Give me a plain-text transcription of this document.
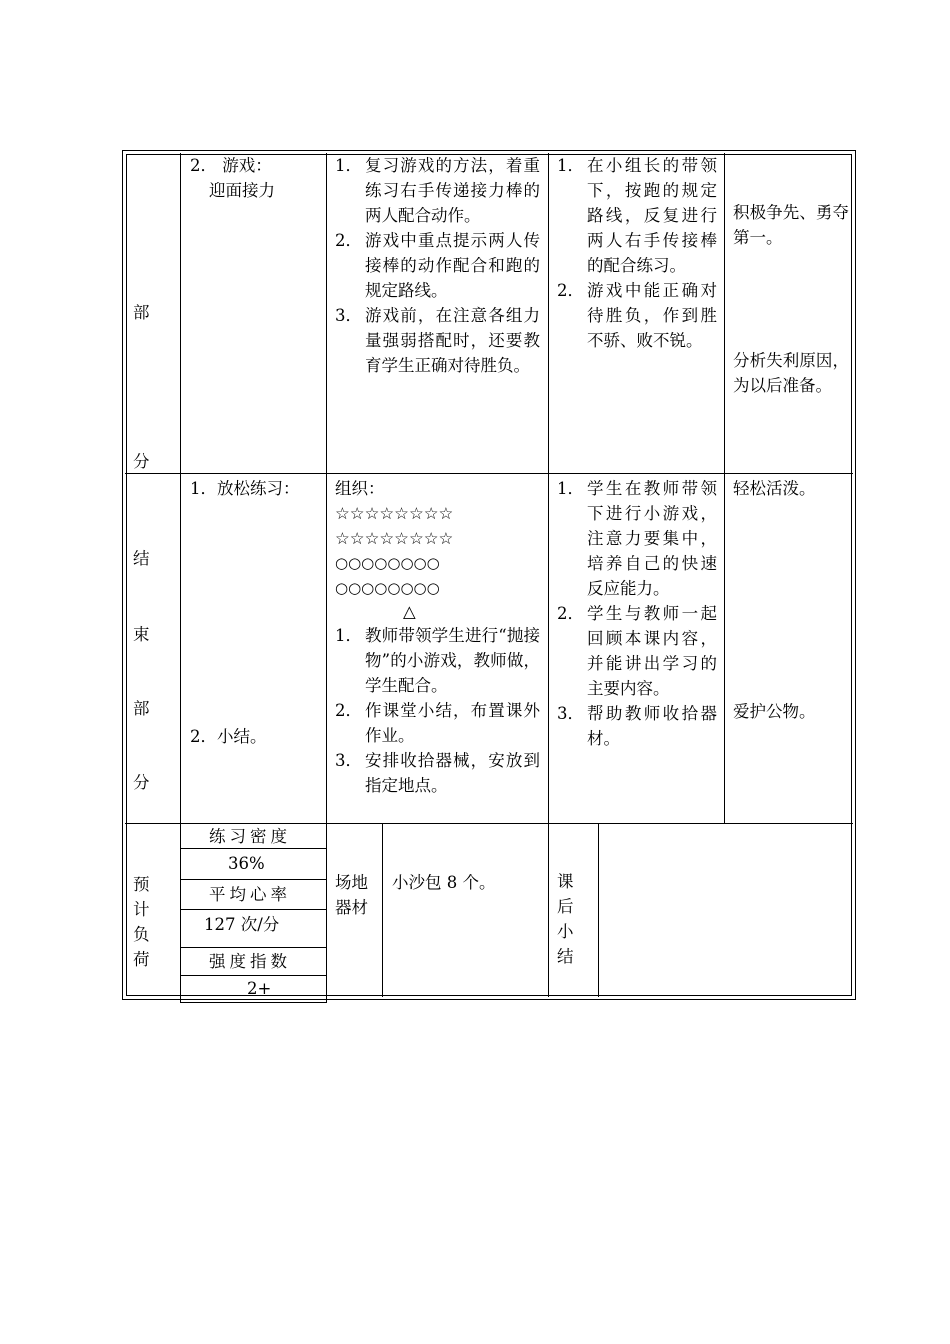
部
分
2． 游戏：
迎面接力
1． 复习游戏的方法，着重练习右手传递接力棒的两人配合动作。
2． 游戏中重点提示两人传接棒的动作配合和跑的规定路线。
3． 游戏前，在注意各组力量强弱搭配时，还要教育学生正确对待胜负。
1． 在小组长的带领下，按跑的规定路线，反复进行两人右手传接棒的配合练习。
2． 游戏中能正确对待胜负，作到胜不骄、败不锐。
积极争先、勇夺第一。
分析失利原因，为以后准备。
结
束
部
分
1．放松练习：
2．小结。
组织：
☆☆☆☆☆☆☆☆
☆☆☆☆☆☆☆☆
○○○○○○○○
○○○○○○○○
△
1． 教师带领学生进行“抛接物”的小游戏，教师做，学生配合。
2． 作课堂小结，布置课外作业。
3． 安排收拾器械，安放到指定地点。
1． 学生在教师带领下进行小游戏，注意力要集中，培养自己的快速反应能力。
2． 学生与教师一起回顾本课内容，并能讲出学习的主要内容。
3． 帮助教师收拾器材。
轻松活泼。
爱护公物。
预
计
负
荷
练习密度
36%
平均心率
127 次/分
强度指数
2+
场地
器材
小沙包 8 个。	课
后
小
结
